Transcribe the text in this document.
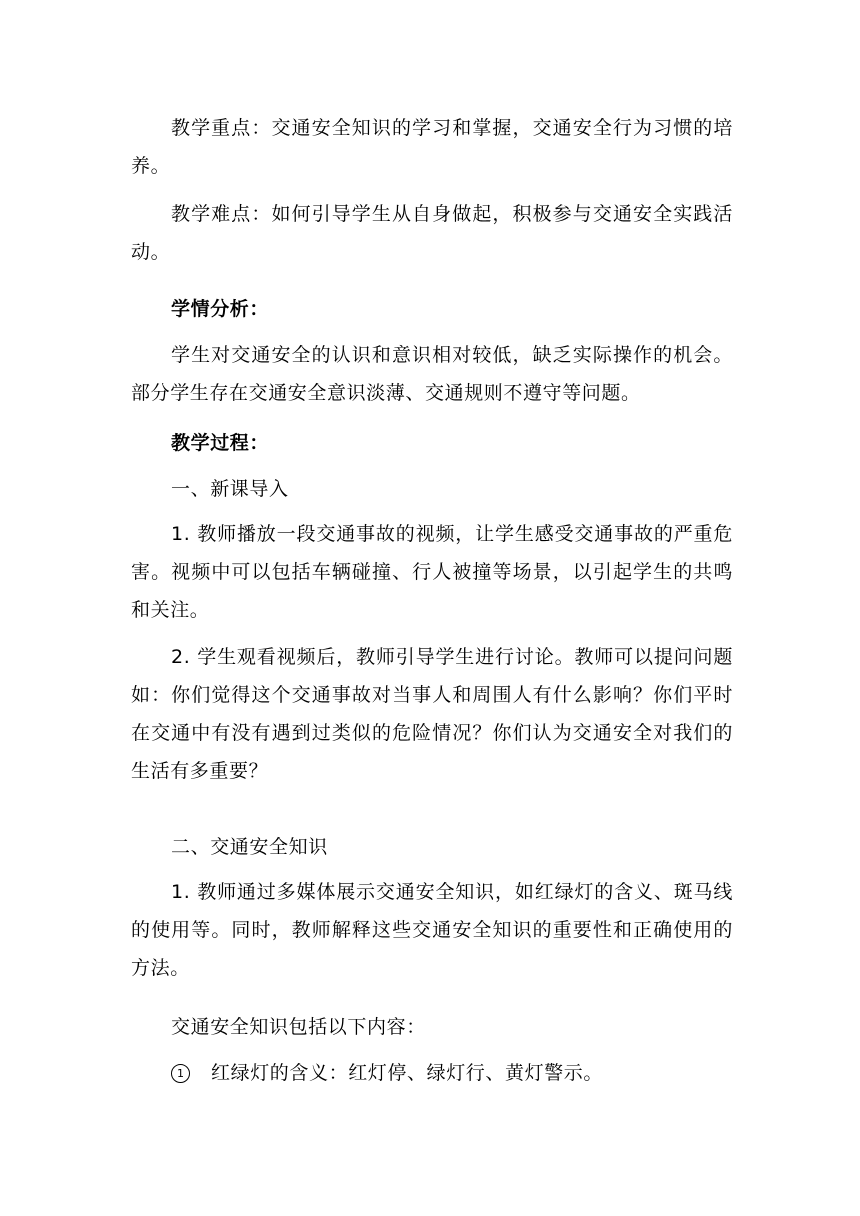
教学重点：交通安全知识的学习和掌握，交通安全行为习惯的培养。

教学难点：如何引导学生从自身做起，积极参与交通安全实践活动。

学情分析：

学生对交通安全的认识和意识相对较低，缺乏实际操作的机会。部分学生存在交通安全意识淡薄、交通规则不遵守等问题。

教学过程：

一、新课导入

1. 教师播放一段交通事故的视频，让学生感受交通事故的严重危害。视频中可以包括车辆碰撞、行人被撞等场景，以引起学生的共鸣和关注。

2. 学生观看视频后，教师引导学生进行讨论。教师可以提问问题如：你们觉得这个交通事故对当事人和周围人有什么影响？你们平时在交通中有没有遇到过类似的危险情况？你们认为交通安全对我们的生活有多重要？

二、交通安全知识

1. 教师通过多媒体展示交通安全知识，如红绿灯的含义、斑马线的使用等。同时，教师解释这些交通安全知识的重要性和正确使用的方法。

交通安全知识包括以下内容：

1	红绿灯的含义：红灯停、绿灯行、黄灯警示。
